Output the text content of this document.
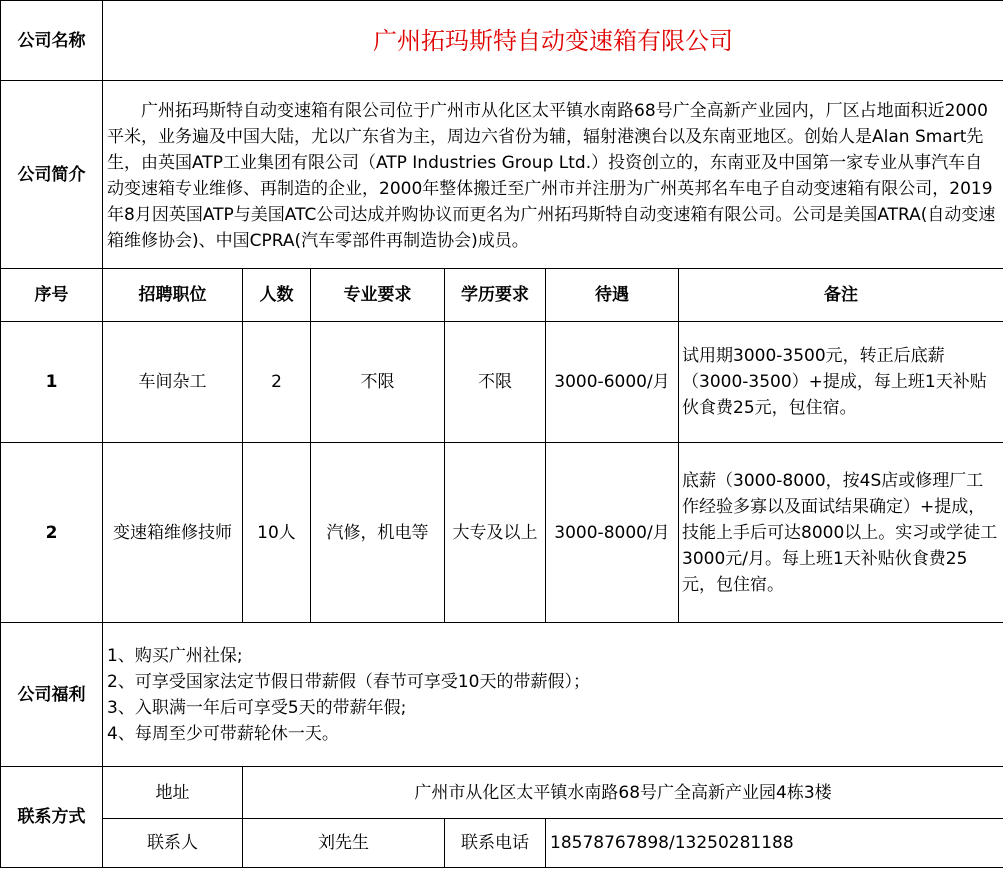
公司名称	广州拓玛斯特自动变速箱有限公司					
公司简介	广州拓玛斯特自动变速箱有限公司位于广州市从化区太平镇水南路68号广全高新产业园内，厂区占地面积近2000平米，业务遍及中国大陆，尤以广东省为主，周边六省份为辅，辐射港澳台以及东南亚地区。创始人是Alan Smart先生，由英国ATP工业集团有限公司（ATP Industries Group Ltd.）投资创立的，东南亚及中国第一家专业从事汽车自动变速箱专业维修、再制造的企业，2000年整体搬迁至广州市并注册为广州英邦名车电子自动变速箱有限公司，2019年8月因英国ATP与美国ATC公司达成并购协议而更名为广州拓玛斯特自动变速箱有限公司。公司是美国ATRA(自动变速箱维修协会)、中国CPRA(汽车零部件再制造协会)成员。					

序号	招聘职位	人数	专业要求	学历要求	待遇	备注
1	车间杂工	2	不限	不限	3000-6000/月	试用期3000-3500元，转正后底薪（3000-3500）+提成，每上班1天补贴伙食费25元，包住宿。

2	变速箱维修技师	10人	汽修，机电等	大专及以上	3000-8000/月	底薪（3000-8000，按4S店或修理厂工作经验多寡以及面试结果确定）+提成，技能上手后可达8000以上。实习或学徒工3000元/月。每上班1天补贴伙食费25元，包住宿。

公司福利	1、购买广州社保;
2、可享受国家法定节假日带薪假（春节可享受10天的带薪假）；
3、入职满一年后可享受5天的带薪年假;
4、每周至少可带薪轮休一天。					

联系方式	地址	广州市从化区太平镇水南路68号广全高新产业园4栋3楼				
	联系人	刘先生		联系电话	18578767898/13250281188	
